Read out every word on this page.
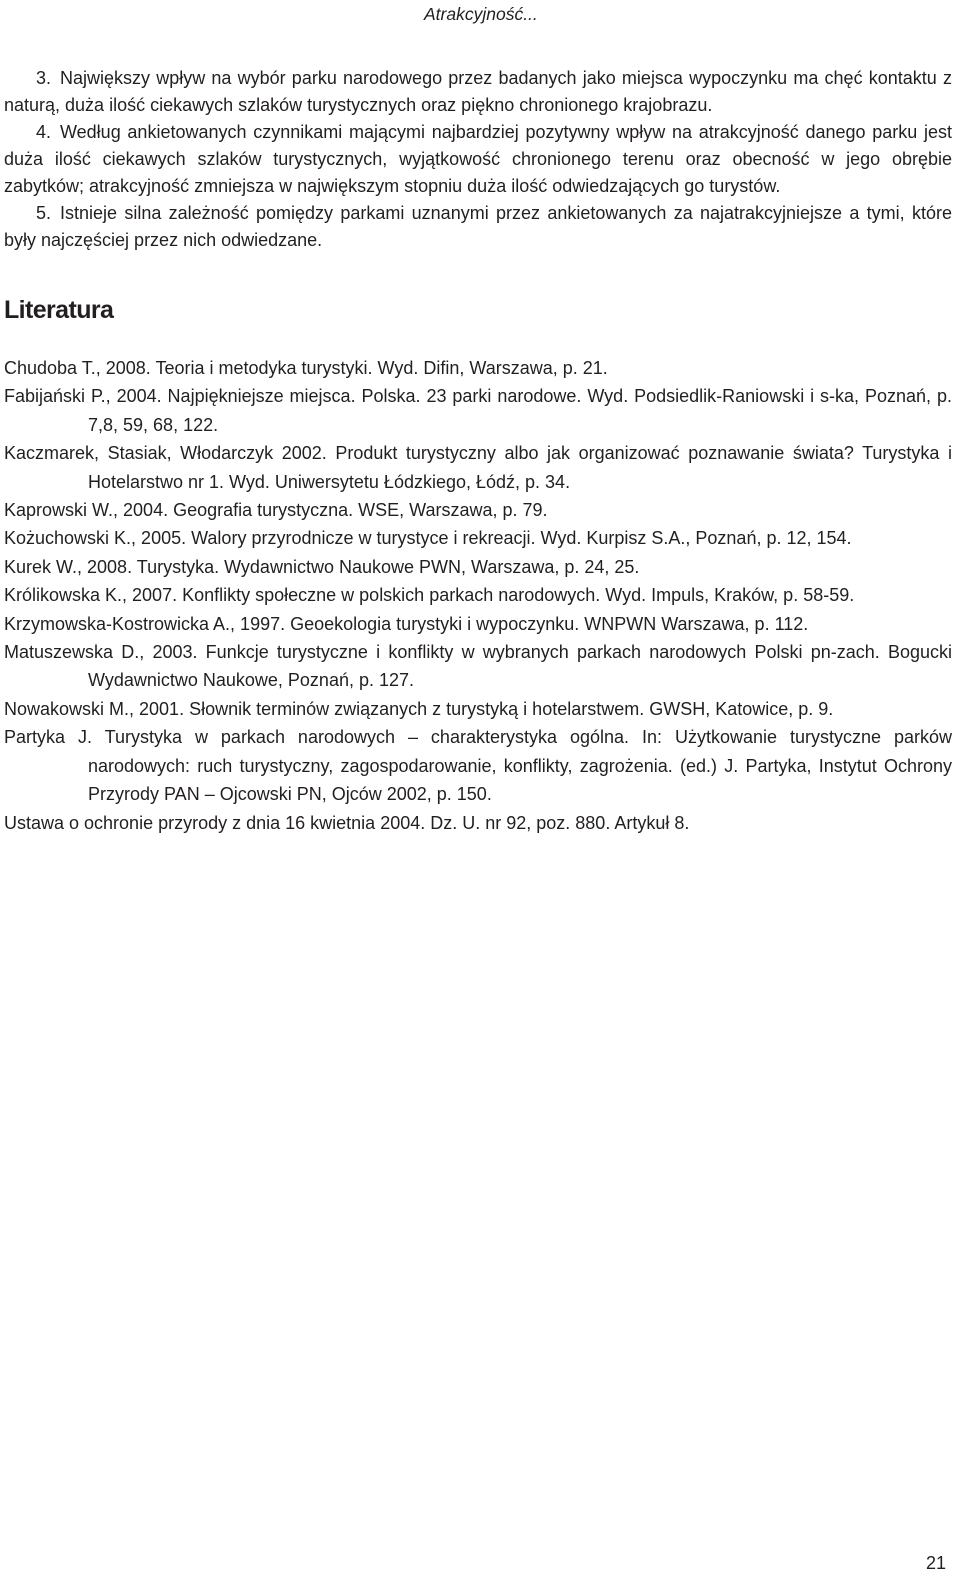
Atrakcyjność...

3. Największy wpływ na wybór parku narodowego przez badanych jako miejsca wypoczynku ma chęć kontaktu z naturą, duża ilość ciekawych szlaków turystycznych oraz piękno chronionego krajobrazu.

4. Według ankietowanych czynnikami mającymi najbardziej pozytywny wpływ na atrakcyjność danego parku jest duża ilość ciekawych szlaków turystycznych, wyjątkowość chronionego terenu oraz obecność w jego obrębie zabytków; atrakcyjność zmniejsza w największym stopniu duża ilość odwiedzających go turystów.

5. Istnieje silna zależność pomiędzy parkami uznanymi przez ankietowanych za najatrakcyjniejsze a tymi, które były najczęściej przez nich odwiedzane.

Literatura
Chudoba T., 2008. Teoria i metodyka turystyki. Wyd. Difin, Warszawa, p. 21.
Fabijański P., 2004. Najpiękniejsze miejsca. Polska. 23 parki narodowe. Wyd. Podsiedlik-Raniowski i s-ka, Poznań, p. 7,8, 59, 68, 122.
Kaczmarek, Stasiak, Włodarczyk 2002. Produkt turystyczny albo jak organizować poznawanie świata? Turystyka i Hotelarstwo nr 1. Wyd. Uniwersytetu Łódzkiego, Łódź, p. 34.
Kaprowski W., 2004. Geografia turystyczna. WSE, Warszawa, p. 79.
Kożuchowski K., 2005. Walory przyrodnicze w turystyce i rekreacji. Wyd. Kurpisz S.A., Poznań, p. 12, 154.
Kurek W., 2008. Turystyka. Wydawnictwo Naukowe PWN, Warszawa, p. 24, 25.
Królikowska K., 2007. Konflikty społeczne w polskich parkach narodowych. Wyd. Impuls, Kraków, p. 58-59.
Krzymowska-Kostrowicka A., 1997. Geoekologia turystyki i wypoczynku. WNPWN Warszawa, p. 112.
Matuszewska D., 2003. Funkcje turystyczne i konflikty w wybranych parkach narodowych Polski pn-zach. Bogucki Wydawnictwo Naukowe, Poznań, p. 127.
Nowakowski M., 2001. Słownik terminów związanych z turystyką i hotelarstwem. GWSH, Katowice, p. 9.
Partyka J. Turystyka w parkach narodowych – charakterystyka ogólna. In: Użytkowanie turystyczne parków narodowych: ruch turystyczny, zagospodarowanie, konflikty, zagrożenia. (ed.) J. Partyka, Instytut Ochrony Przyrody PAN – Ojcowski PN, Ojców 2002, p. 150.
Ustawa o ochronie przyrody z dnia 16 kwietnia 2004. Dz. U. nr 92, poz. 880. Artykuł 8.
21
